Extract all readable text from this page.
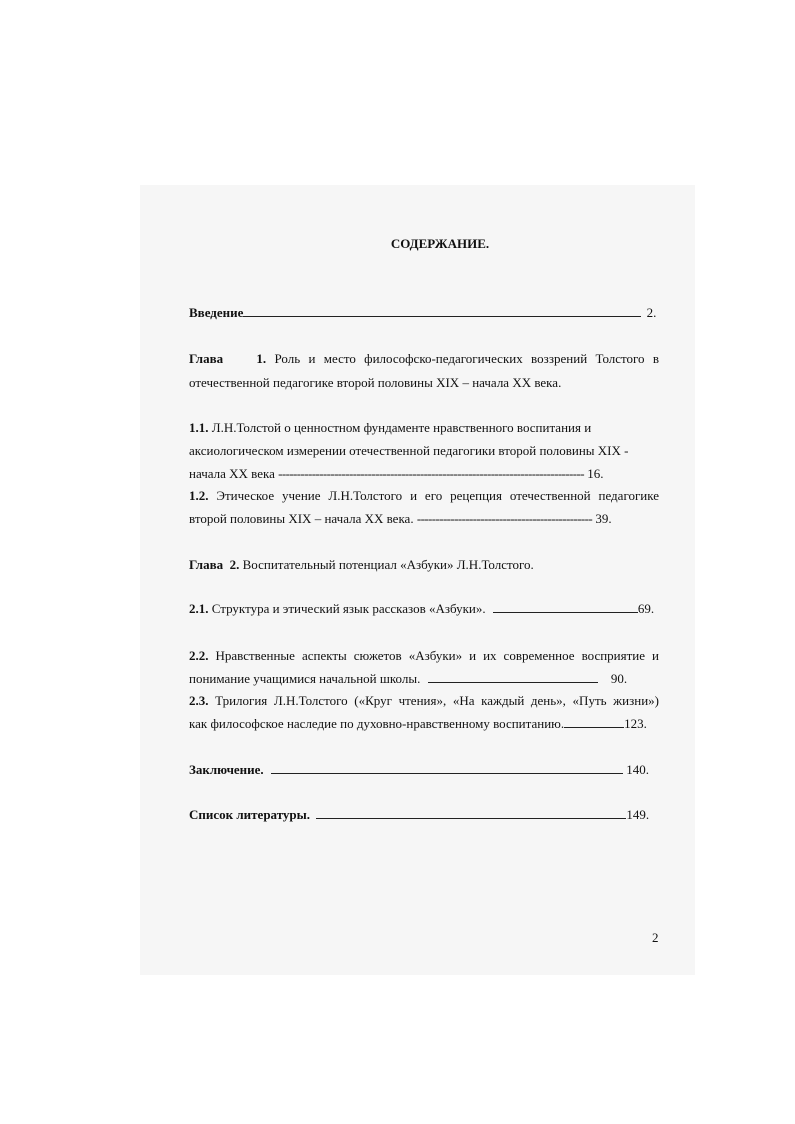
СОДЕРЖАНИЕ.
Введение	2.
Глава	1. Роль и место философско-педагогических воззрений Толстого в
отечественной педагогике второй половины XIX – начала XX века.
1.1. Л.Н.Толстой о ценностном фундаменте нравственного воспитания и
аксиологическом измерении отечественной педагогики второй половины XIX -
начала XX века ---------------------------------------------------------------------------------- 16.
1.2. Этическое учение Л.Н.Толстого и его рецепция отечественной педагогике
второй половины XIX – начала XX века. ----------------------------------------------- 39.
Глава 2. Воспитательный потенциал «Азбуки» Л.Н.Толстого.
2.1. Структура и этический язык рассказов «Азбуки».	69.
2.2. Нравственные аспекты сюжетов «Азбуки» и их современное восприятие и
понимание учащимися начальной школы.	90.
2.3. Трилогия Л.Н.Толстого («Круг чтения», «На каждый день», «Путь жизни»)
как философское наследие по духовно-нравственному воспитанию.	123.
Заключение.	140.
Список литературы.	149.
2
